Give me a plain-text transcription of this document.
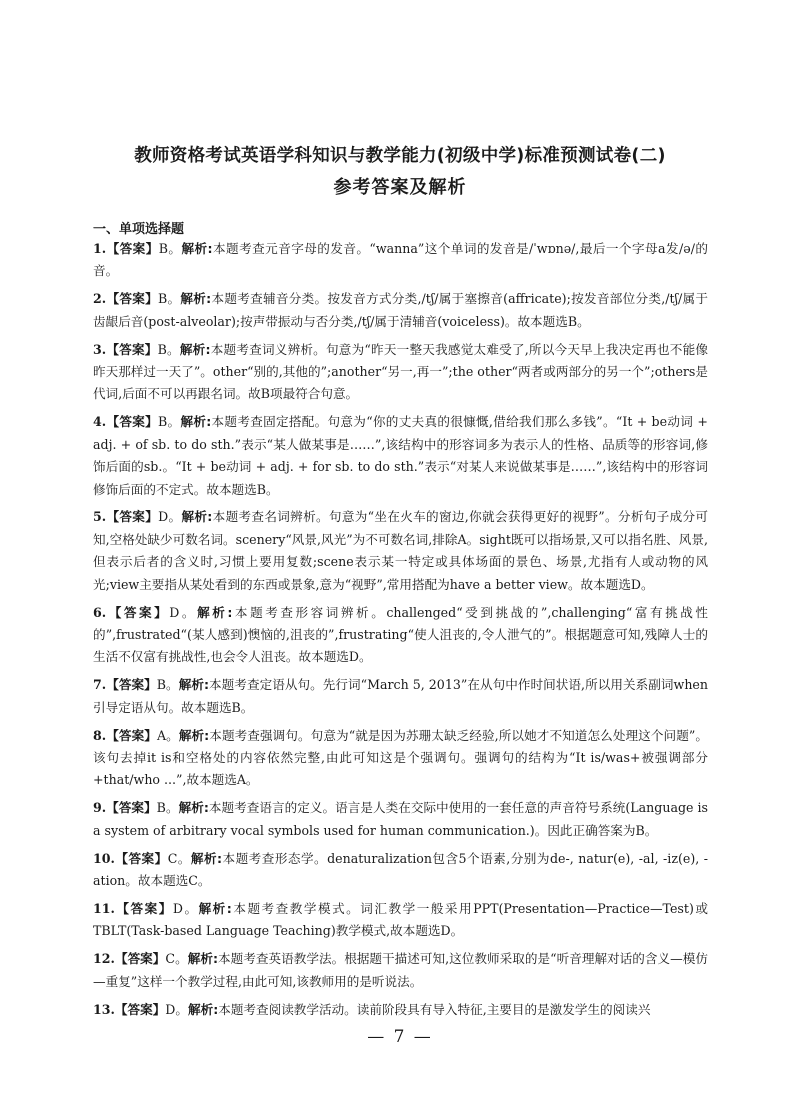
教师资格考试英语学科知识与教学能力(初级中学)标准预测试卷(二)
参考答案及解析
一、单项选择题

1.【答案】B。解析:本题考查元音字母的发音。“wanna”这个单词的发音是/ˈwɒnə/,最后一个字母a发/ə/的音。

2.【答案】B。解析:本题考查辅音分类。按发音方式分类,/tʃ/属于塞擦音(affricate);按发音部位分类,/tʃ/属于齿龈后音(post-alveolar);按声带振动与否分类,/tʃ/属于清辅音(voiceless)。故本题选B。

3.【答案】B。解析:本题考查词义辨析。句意为“昨天一整天我感觉太难受了,所以今天早上我决定再也不能像昨天那样过一天了”。other“别的,其他的”;another“另一,再一”;the other“两者或两部分的另一个”;others是代词,后面不可以再跟名词。故B项最符合句意。

4.【答案】B。解析:本题考查固定搭配。句意为“你的丈夫真的很慷慨,借给我们那么多钱”。“It + be动词 + adj. + of sb. to do sth.”表示“某人做某事是……”,该结构中的形容词多为表示人的性格、品质等的形容词,修饰后面的sb.。“It + be动词 + adj. + for sb. to do sth.”表示“对某人来说做某事是……”,该结构中的形容词修饰后面的不定式。故本题选B。

5.【答案】D。解析:本题考查名词辨析。句意为“坐在火车的窗边,你就会获得更好的视野”。分析句子成分可知,空格处缺少可数名词。scenery“风景,风光”为不可数名词,排除A。sight既可以指场景,又可以指名胜、风景,但表示后者的含义时,习惯上要用复数;scene表示某一特定或具体场面的景色、场景,尤指有人或动物的风光;view主要指从某处看到的东西或景象,意为“视野”,常用搭配为have a better view。故本题选D。

6.【答案】D。解析:本题考查形容词辨析。challenged“受到挑战的”,challenging“富有挑战性的”,frustrated“(某人感到)懊恼的,沮丧的”,frustrating“使人沮丧的,令人泄气的”。根据题意可知,残障人士的生活不仅富有挑战性,也会令人沮丧。故本题选D。

7.【答案】B。解析:本题考查定语从句。先行词“March 5, 2013”在从句中作时间状语,所以用关系副词when引导定语从句。故本题选B。

8.【答案】A。解析:本题考查强调句。句意为“就是因为苏珊太缺乏经验,所以她才不知道怎么处理这个问题”。该句去掉it is和空格处的内容依然完整,由此可知这是个强调句。强调句的结构为“It is/was+被强调部分+that/who ...”,故本题选A。

9.【答案】B。解析:本题考查语言的定义。语言是人类在交际中使用的一套任意的声音符号系统(Language is a system of arbitrary vocal symbols used for human communication.)。因此正确答案为B。

10.【答案】C。解析:本题考查形态学。denaturalization包含5个语素,分别为de-, natur(e), -al, -iz(e), -ation。故本题选C。

11.【答案】D。解析:本题考查教学模式。词汇教学一般采用PPT(Presentation—Practice—Test)或TBLT(Task-based Language Teaching)教学模式,故本题选D。

12.【答案】C。解析:本题考查英语教学法。根据题干描述可知,这位教师采取的是“听音理解对话的含义—模仿—重复”这样一个教学过程,由此可知,该教师用的是听说法。

13.【答案】D。解析:本题考查阅读教学活动。读前阶段具有导入特征,主要目的是激发学生的阅读兴

— 7 —
